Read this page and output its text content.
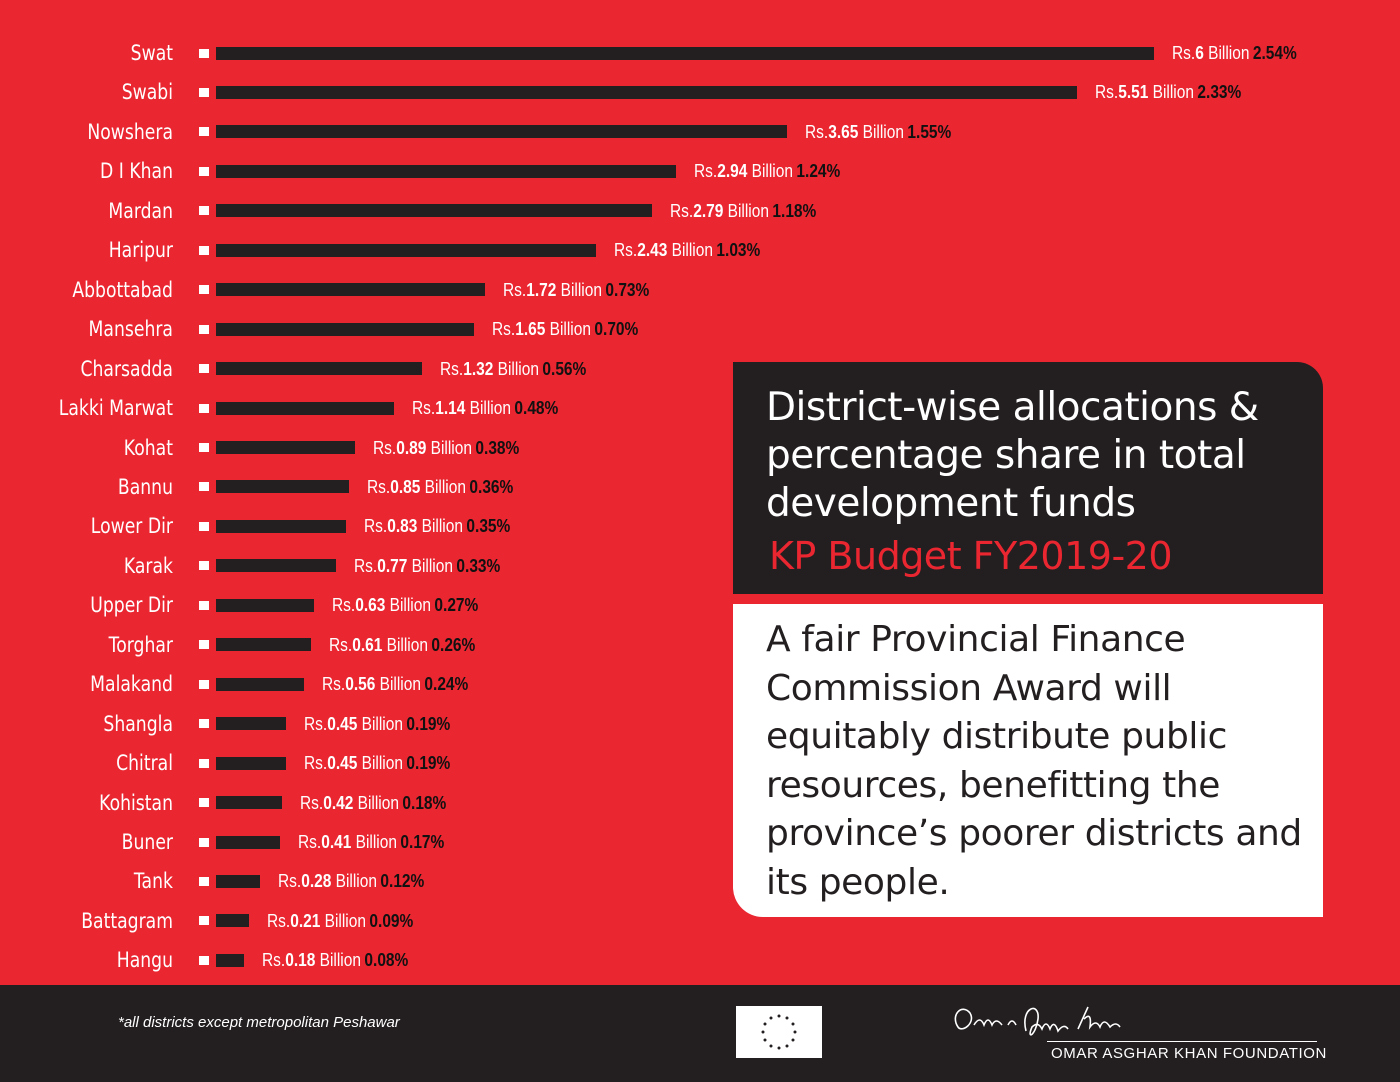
Swat	Rs.6 Billion 2.54%
Swabi	Rs.5.51 Billion 2.33%
Nowshera	Rs.3.65 Billion 1.55%
D I Khan	Rs.2.94 Billion 1.24%
Mardan	Rs.2.79 Billion 1.18%
Haripur	Rs.2.43 Billion 1.03%
Abbottabad	Rs.1.72 Billion 0.73%
Mansehra	Rs.1.65 Billion 0.70%
Charsadda	Rs.1.32 Billion 0.56%
Lakki Marwat	Rs.1.14 Billion 0.48%
Kohat	Rs.0.89 Billion 0.38%
Bannu	Rs.0.85 Billion 0.36%
Lower Dir	Rs.0.83 Billion 0.35%
Karak	Rs.0.77 Billion 0.33%
Upper Dir	Rs.0.63 Billion 0.27%
Torghar	Rs.0.61 Billion 0.26%
Malakand	Rs.0.56 Billion 0.24%
Shangla	Rs.0.45 Billion 0.19%
Chitral	Rs.0.45 Billion 0.19%
Kohistan	Rs.0.42 Billion 0.18%
Buner	Rs.0.41 Billion 0.17%
Tank	Rs.0.28 Billion 0.12%
Battagram	Rs.0.21 Billion 0.09%
Hangu	Rs.0.18 Billion 0.08%
District-wise allocations & percentage share in total development funds
KP Budget FY2019-20
A fair Provincial Finance Commission Award will equitably distribute public resources, benefitting the province’s poorer districts and its people.
*all districts except metropolitan Peshawar
OMAR ASGHAR KHAN FOUNDATION
